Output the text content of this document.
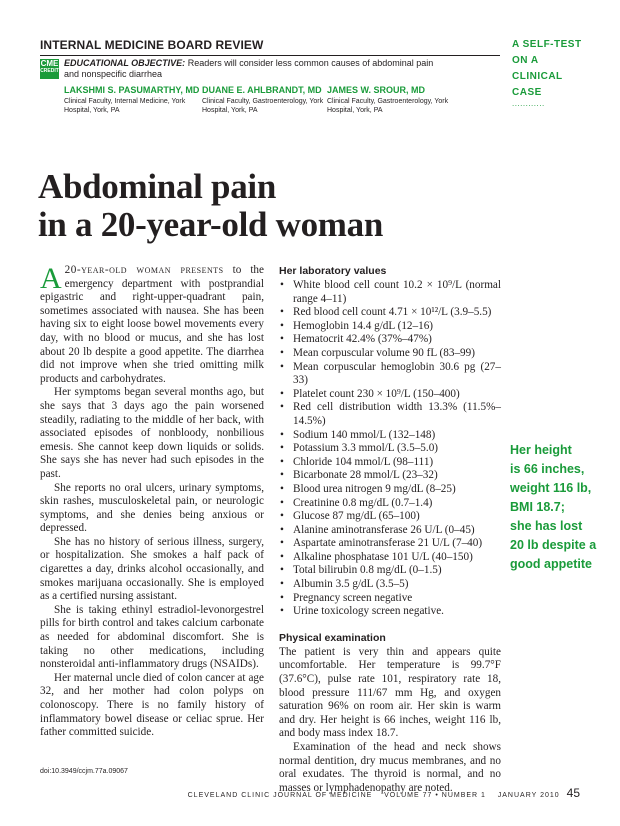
INTERNAL MEDICINE BOARD REVIEW
CME
CREDIT
EDUCATIONAL OBJECTIVE: Readers will consider less common causes of abdominal pain and nonspecific diarrhea
LAKSHMI S. PASUMARTHY, MD
Clinical Faculty, Internal Medicine, York Hospital, York, PA
DUANE E. AHLBRANDT, MD
Clinical Faculty, Gastroenterology, York Hospital, York, PA
JAMES W. SROUR, MD
Clinical Faculty, Gastroenterology, York Hospital, York, PA
A SELF-TEST
ON A
CLINICAL
CASE
............
Abdominal pain
in a 20-year-old woman

A 20-year-old woman presents to the emergency department with postprandial epigastric and right-upper-quadrant pain, sometimes associated with nausea. She has been having six to eight loose bowel movements every day, with no blood or mucus, and she has lost about 20 lb despite a good appetite. The diarrhea did not improve when she tried omitting milk products and carbohydrates.

Her symptoms began several months ago, but she says that 3 days ago the pain worsened steadily, radiating to the middle of her back, with associated episodes of nonbloody, nonbilious emesis. She cannot keep down liquids or solids. She says she has never had such episodes in the past.

She reports no oral ulcers, urinary symptoms, skin rashes, musculoskeletal pain, or neurologic symptoms, and she denies being anxious or depressed.

She has no history of serious illness, surgery, or hospitalization. She smokes a half pack of cigarettes a day, drinks alcohol occasionally, and smokes marijuana occasionally. She is employed as a certified nursing assistant.

She is taking ethinyl estradiol-levonorgestrel pills for birth control and takes calcium carbonate as needed for abdominal discomfort. She is taking no other medications, including nonsteroidal anti-inflammatory drugs (NSAIDs).

Her maternal uncle died of colon cancer at age 32, and her mother had colon polyps on colonoscopy. There is no family history of inflammatory bowel disease or celiac sprue. Her father committed suicide.

Her laboratory values
• White blood cell count 10.2 × 10⁹/L (normal range 4–11)
• Red blood cell count 4.71 × 10¹²/L (3.9–5.5)
• Hemoglobin 14.4 g/dL (12–16)
• Hematocrit 42.4% (37%–47%)
• Mean corpuscular volume 90 fL (83–99)
• Mean corpuscular hemoglobin 30.6 pg (27–33)
• Platelet count 230 × 10⁹/L (150–400)
• Red cell distribution width 13.3% (11.5%–14.5%)
• Sodium 140 mmol/L (132–148)
• Potassium 3.3 mmol/L (3.5–5.0)
• Chloride 104 mmol/L (98–111)
• Bicarbonate 28 mmol/L (23–32)
• Blood urea nitrogen 9 mg/dL (8–25)
• Creatinine 0.8 mg/dL (0.7–1.4)
• Glucose 87 mg/dL (65–100)
• Alanine aminotransferase 26 U/L (0–45)
• Aspartate aminotransferase 21 U/L (7–40)
• Alkaline phosphatase 101 U/L (40–150)
• Total bilirubin 0.8 mg/dL (0–1.5)
• Albumin 3.5 g/dL (3.5–5)
• Pregnancy screen negative
• Urine toxicology screen negative.
Physical examination

The patient is very thin and appears quite uncomfortable. Her temperature is 99.7°F (37.6°C), pulse rate 101, respiratory rate 18, blood pressure 111/67 mm Hg, and oxygen saturation 96% on room air. Her skin is warm and dry. Her height is 66 inches, weight 116 lb, and body mass index 18.7.

Examination of the head and neck shows normal dentition, dry mucus membranes, and no oral exudates. The thyroid is normal, and no masses or lymphadenopathy are noted.

Her height
is 66 inches,
weight 116 lb,
BMI 18.7;
she has lost
20 lb despite a
good appetite
doi:10.3949/ccjm.77a.09067
CLEVELAND CLINIC JOURNAL OF MEDICINE VOLUME 77 • NUMBER 1 JANUARY 2010 45
